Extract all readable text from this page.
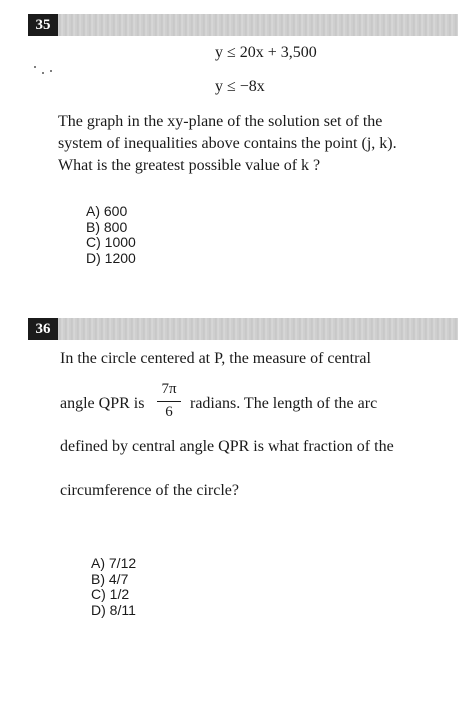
35
y ≤ 20x + 3,500
y ≤ −8x
The graph in the xy-plane of the solution set of the
system of inequalities above contains the point (j, k).
What is the greatest possible value of k ?
A) 600
B) 800
C) 1000
D) 1200
36
In the circle centered at P, the measure of central
angle QPR is
7π
6	radians. The length of the arc
defined by central angle QPR is what fraction of the
circumference of the circle?
A) 7/12
B) 4/7
C) 1/2
D) 8/11
